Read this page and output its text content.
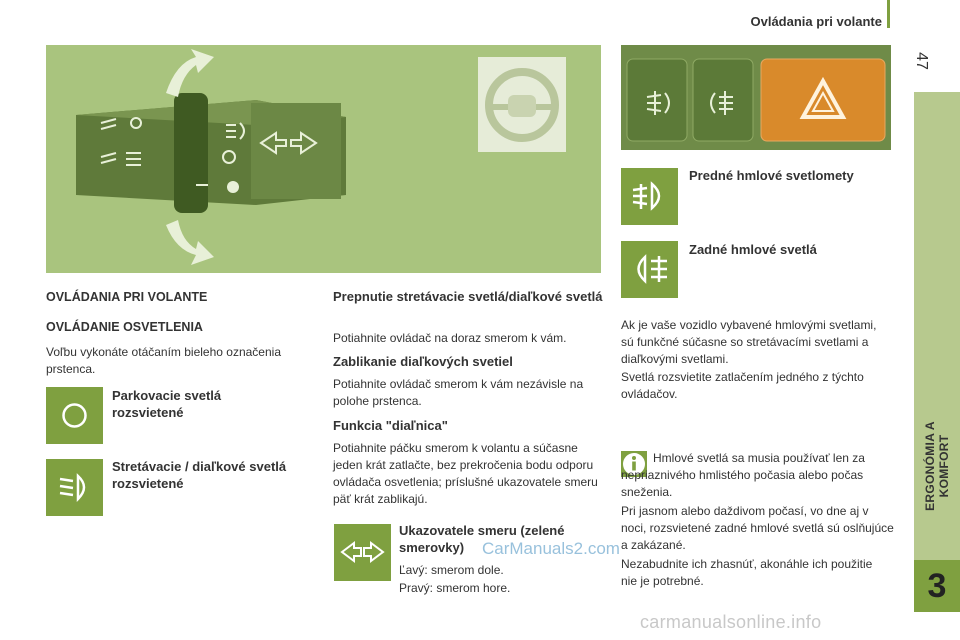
Ovládania pri volante
47
ERGONÓMIA A KOMFORT
3
OVLÁDANIA PRI VOLANTE
OVLÁDANIE OSVETLENIA
Voľbu vykonáte otáčaním bieleho označenia prstenca.
Parkovacie svetlá rozsvietené
Stretávacie / diaľkové svetlá rozsvietené
Prepnutie stretávacie svetlá/diaľkové svetlá
Potiahnite ovládač na doraz smerom k vám.
Zablikanie diaľkových svetiel
Potiahnite ovládač smerom k vám nezávisle na polohe prstenca.
Funkcia "diaľnica"
Potiahnite páčku smerom k volantu a súčasne jeden krát zatlačte, bez prekročenia bodu odporu ovládača osvetlenia; príslušné ukazovatele smeru päť krát zablikajú.
Ukazovatele smeru (zelené smerovky)
Ľavý: smerom dole.
Pravý: smerom hore.
Predné hmlové svetlomety
Zadné hmlové svetlá
Ak je vaše vozidlo vybavené hmlovými svetlami, sú funkčné súčasne so stretávacími svetlami a diaľkovými svetlami.
Svetlá rozsvietite zatlačením jedného z týchto ovládačov.
Hmlové svetlá sa musia používať len za nepriaznivého hmlistého počasia alebo počas sneženia.
Pri jasnom alebo daždivom počasí, vo dne aj v noci, rozsvietené zadné hmlové svetlá sú oslňujúce a zakázané.
Nezabudnite ich zhasnúť, akonáhle ich použitie nie je potrebné.
CarManuals2.com
carmanualsonline.info
